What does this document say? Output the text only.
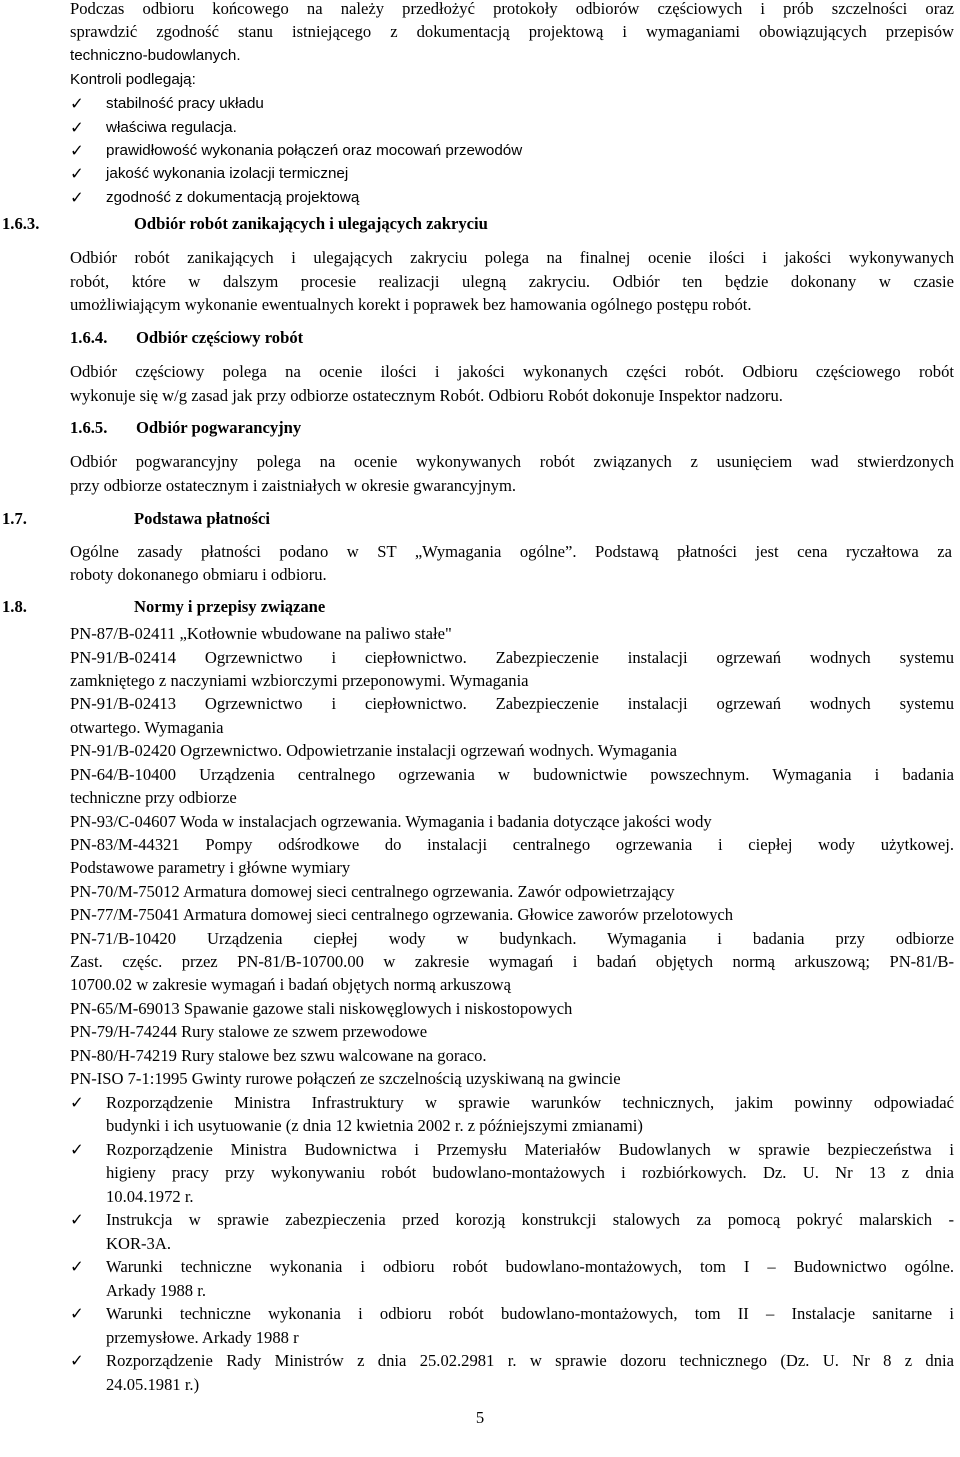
Podczas odbioru końcowego na należy przedłożyć protokoły odbiorów częściowych i prób szczelności oraz
sprawdzić zgodność stanu istniejącego z dokumentacją projektową i wymaganiami obowiązujących przepisów
techniczno-budowlanych.
Kontroli podlegają:
✓	stabilność pracy układu
✓	właściwa regulacja.
✓	prawidłowość wykonania połączeń oraz mocowań przewodów
✓	jakość wykonania izolacji termicznej
✓	zgodność z dokumentacją projektową
1.6.3.	Odbiór robót zanikających i ulegających zakryciu
Odbiór robót zanikających i ulegających zakryciu polega na finalnej ocenie ilości i jakości wykonywanych
robót, które w dalszym procesie realizacji ulegną zakryciu. Odbiór ten będzie dokonany w czasie
umożliwiającym wykonanie ewentualnych korekt i poprawek bez hamowania ogólnego postępu robót.
1.6.4. Odbiór częściowy robót
Odbiór częściowy polega na ocenie ilości i jakości wykonanych części robót. Odbioru częściowego robót
wykonuje się w/g zasad jak przy odbiorze ostatecznym Robót. Odbioru Robót dokonuje Inspektor nadzoru.
1.6.5. Odbiór pogwarancyjny
Odbiór pogwarancyjny polega na ocenie wykonywanych robót związanych z usunięciem wad stwierdzonych
przy odbiorze ostatecznym i zaistniałych w okresie gwarancyjnym.
1.7.	Podstawa płatności
Ogólne zasady płatności podano w ST „Wymagania ogólne”. Podstawą płatności jest cena ryczałtowa za
roboty dokonanego obmiaru i odbioru.
1.8.	Normy i przepisy związane
PN-87/B-02411 „Kotłownie wbudowane na paliwo stałe"
PN-91/B-02414 Ogrzewnictwo i ciepłownictwo. Zabezpieczenie instalacji ogrzewań wodnych systemu
zamkniętego z naczyniami wzbiorczymi przeponowymi. Wymagania
PN-91/B-02413 Ogrzewnictwo i ciepłownictwo. Zabezpieczenie instalacji ogrzewań wodnych systemu
otwartego. Wymagania
PN-91/B-02420 Ogrzewnictwo. Odpowietrzanie instalacji ogrzewań wodnych. Wymagania
PN-64/B-10400 Urządzenia centralnego ogrzewania w budownictwie powszechnym. Wymagania i badania
techniczne przy odbiorze
PN-93/C-04607 Woda w instalacjach ogrzewania. Wymagania i badania dotyczące jakości wody
PN-83/M-44321 Pompy odśrodkowe do instalacji centralnego ogrzewania i ciepłej wody użytkowej.
Podstawowe parametry i główne wymiary
PN-70/M-75012 Armatura domowej sieci centralnego ogrzewania. Zawór odpowietrzający
PN-77/M-75041 Armatura domowej sieci centralnego ogrzewania. Głowice zaworów przelotowych
PN-71/B-10420 Urządzenia ciepłej wody w budynkach. Wymagania i badania przy odbiorze
Zast. częśc. przez PN-81/B-10700.00 w zakresie wymagań i badań objętych normą arkuszową; PN-81/B-
10700.02 w zakresie wymagań i badań objętych normą arkuszową
PN-65/M-69013 Spawanie gazowe stali niskowęglowych i niskostopowych
PN-79/H-74244 Rury stalowe ze szwem przewodowe
PN-80/H-74219 Rury stalowe bez szwu walcowane na goraco.
PN-ISO 7-1:1995 Gwinty rurowe połączeń ze szczelnością uzyskiwaną na gwincie
✓	Rozporządzenie Ministra Infrastruktury w sprawie warunków technicznych, jakim powinny odpowiadać
budynki i ich usytuowanie (z dnia 12 kwietnia 2002 r. z późniejszymi zmianami)
✓	Rozporządzenie Ministra Budownictwa i Przemysłu Materiałów Budowlanych w sprawie bezpieczeństwa i
higieny pracy przy wykonywaniu robót budowlano-montażowych i rozbiórkowych. Dz. U. Nr 13 z dnia
10.04.1972 r.
✓	Instrukcja w sprawie zabezpieczenia przed korozją konstrukcji stalowych za pomocą pokryć malarskich -
KOR-3A.
✓	Warunki techniczne wykonania i odbioru robót budowlano-montażowych, tom I – Budownictwo ogólne.
Arkady 1988 r.
✓	Warunki techniczne wykonania i odbioru robót budowlano-montażowych, tom II – Instalacje sanitarne i
przemysłowe. Arkady 1988 r
✓	Rozporządzenie Rady Ministrów z dnia 25.02.2981 r. w sprawie dozoru technicznego (Dz. U. Nr 8 z dnia
24.05.1981 r.)
5
